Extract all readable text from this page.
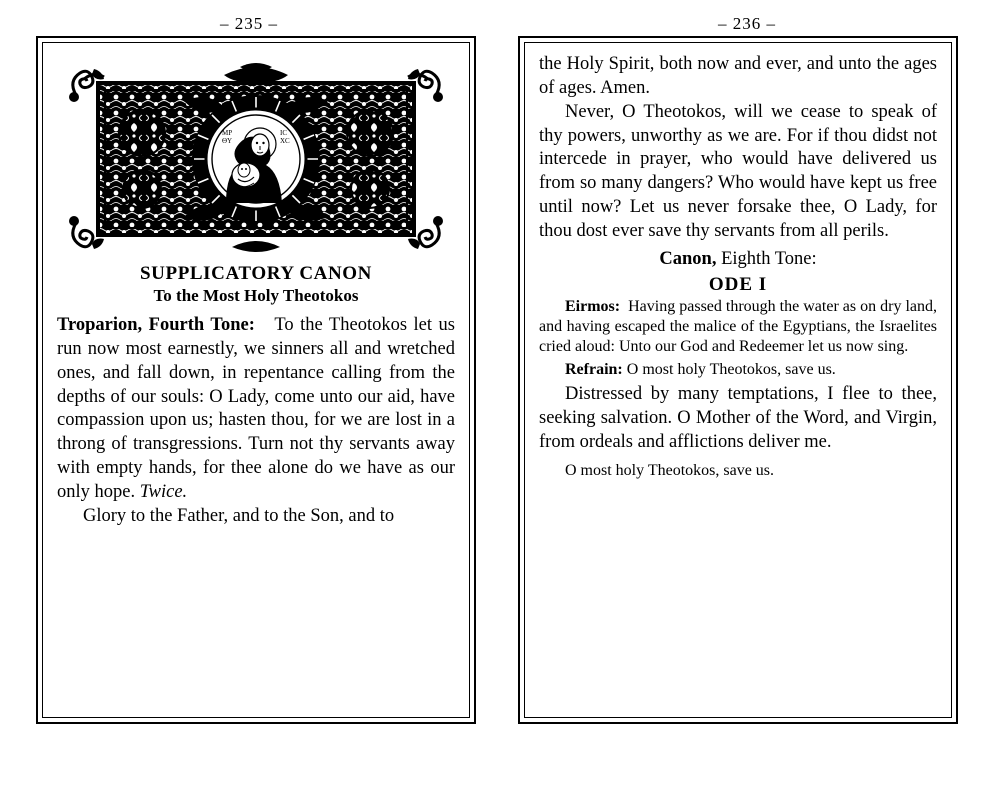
– 235 –
MP
ΘY
IC
XC
SUPPLICATORY CANON
To the Most Holy Theotokos

Troparion, Fourth Tone: To the Theotokos let us run now most earnestly, we sinners all and wretched ones, and fall down, in repentance calling from the depths of our souls: O Lady, come unto our aid, have compassion upon us; hasten thou, for we are lost in a throng of transgressions. Turn not thy servants away with empty hands, for thee alone do we have as our only hope. Twice.

Glory to the Father, and to the Son, and to

– 236 –

the Holy Spirit, both now and ever, and unto the ages of ages. Amen.

Never, O Theotokos, will we cease to speak of thy powers, unworthy as we are. For if thou didst not intercede in prayer, who would have delivered us from so many dangers? Who would have kept us free until now? Let us never forsake thee, O Lady, for thou dost ever save thy servants from all perils.

Canon, Eighth Tone:

ODE I

Eirmos: Having passed through the water as on dry land, and having escaped the malice of the Egyptians, the Israelites cried aloud: Unto our God and Redeemer let us now sing.

Refrain: O most holy Theotokos, save us.

Distressed by many temptations, I flee to thee, seeking salvation. O Mother of the Word, and Virgin, from ordeals and afflictions deliver me.

O most holy Theotokos, save us.
